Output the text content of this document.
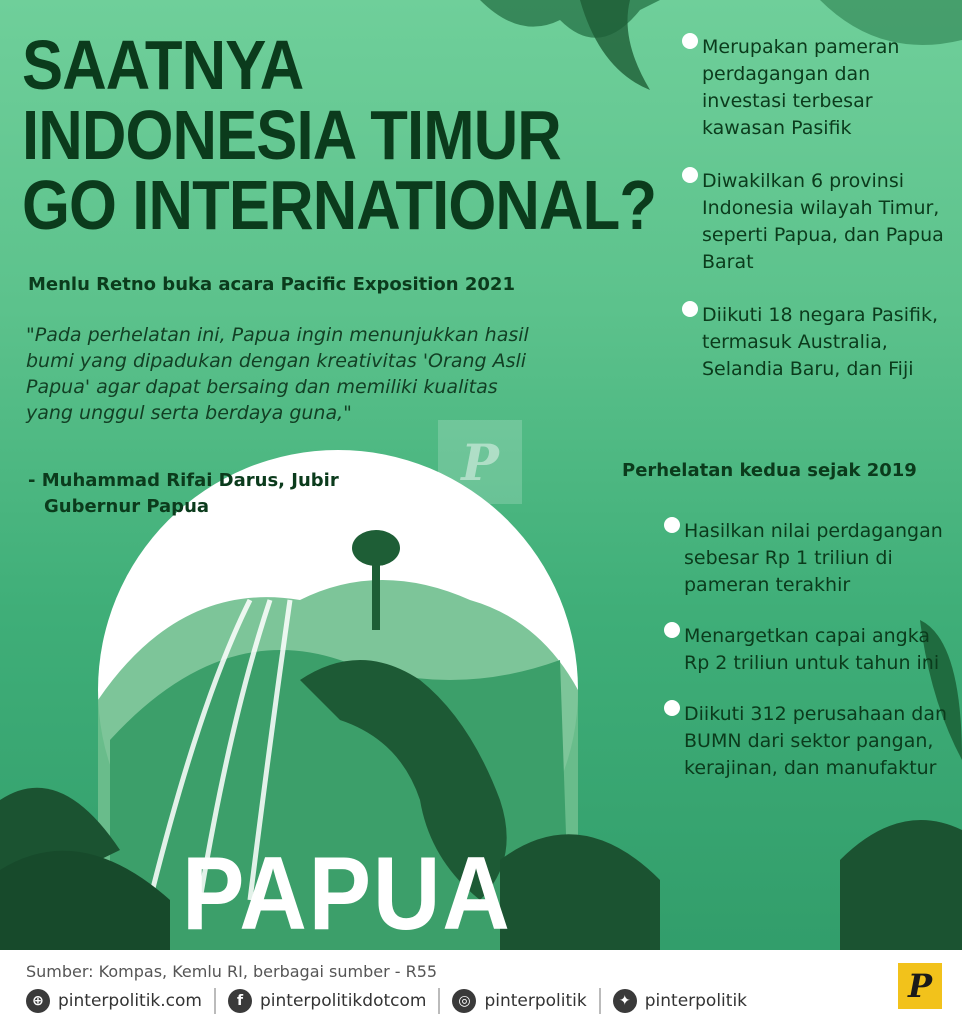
P
SAATNYA
INDONESIA TIMUR
GO INTERNATIONAL?

Menlu Retno buka acara Pacific Exposition 2021

"Pada perhelatan ini, Papua ingin menunjukkan hasil bumi yang dipadukan dengan kreativitas 'Orang Asli Papua' agar dapat bersaing dan memiliki kualitas yang unggul serta berdaya guna,"

- Muhammad Rifai Darus, Jubir
Gubernur Papua

Merupakan pameran perdagangan dan investasi terbesar kawasan Pasifik
Diwakilkan 6 provinsi Indonesia wilayah Timur, seperti Papua, dan Papua Barat
Diikuti 18 negara Pasifik, termasuk Australia, Selandia Baru, dan Fiji

Perhelatan kedua sejak 2019

Hasilkan nilai perdagangan sebesar Rp 1 triliun di pameran terakhir
Menargetkan capai angka Rp 2 triliun untuk tahun ini
Diikuti 312 perusahaan dan BUMN dari sektor pangan, kerajinan, dan manufaktur

PAPUA

Sumber: Kompas, Kemlu RI, berbagai sumber - R55

⊕ pinterpolitik.com	f pinterpolitikdotcom	◎ pinterpolitik	✦ pinterpolitik	P
